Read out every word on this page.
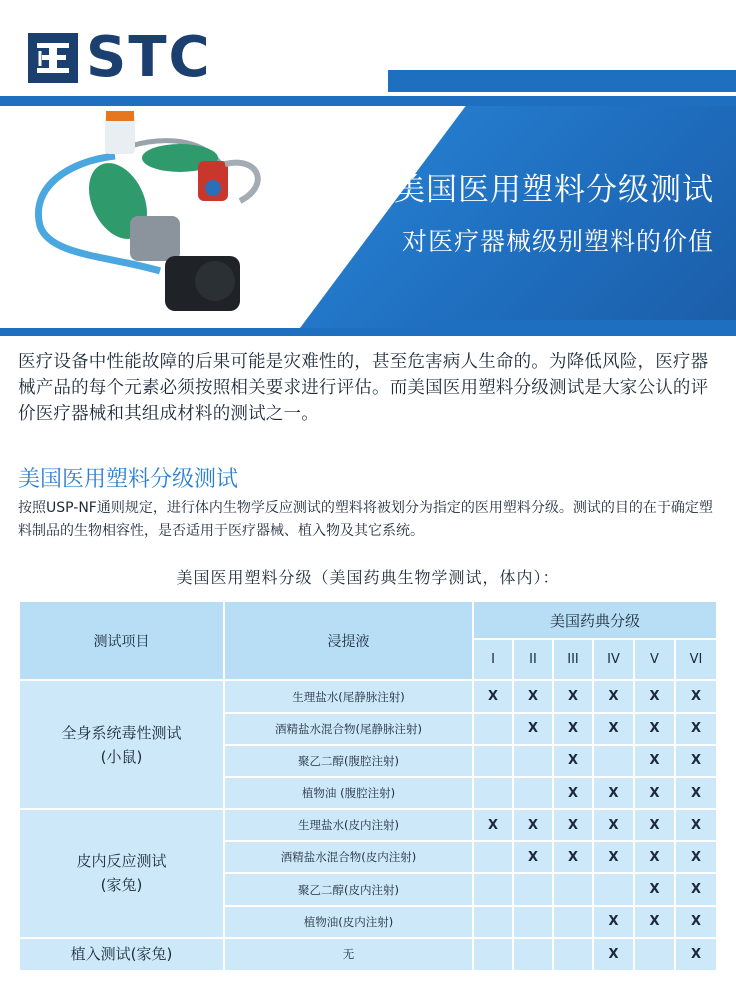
STC
美国医用塑料分级测试
对医疗器械级别塑料的价值
医疗设备中性能故障的后果可能是灾难性的，甚至危害病人生命的。为降低风险，医疗器械产品的每个元素必须按照相关要求进行评估。而美国医用塑料分级测试是大家公认的评价医疗器械和其组成材料的测试之一。
美国医用塑料分级测试
按照USP-NF通则规定，进行体内生物学反应测试的塑料将被划分为指定的医用塑料分级。测试的目的在于确定塑料制品的生物相容性，是否适用于医疗器械、植入物及其它系统。
美国医用塑料分级（美国药典生物学测试，体内）：
测试项目	浸提液	美国药典分级					
		I	II	III	IV	V	VI

全身系统毒性测试
(小鼠)	生理盐水(尾静脉注射)	X	X	X	X	X	X
	酒精盐水混合物(尾静脉注射)		X	X	X	X	X
	聚乙二醇(腹腔注射)			X		X	X
	植物油 (腹腔注射)			X	X	X	X

皮内反应测试
(家兔)	生理盐水(皮内注射)	X	X	X	X	X	X
	酒精盐水混合物(皮内注射)		X	X	X	X	X
	聚乙二醇(皮内注射)					X	X
	植物油(皮内注射)				X	X	X

植入测试(家兔)	无				X		X
